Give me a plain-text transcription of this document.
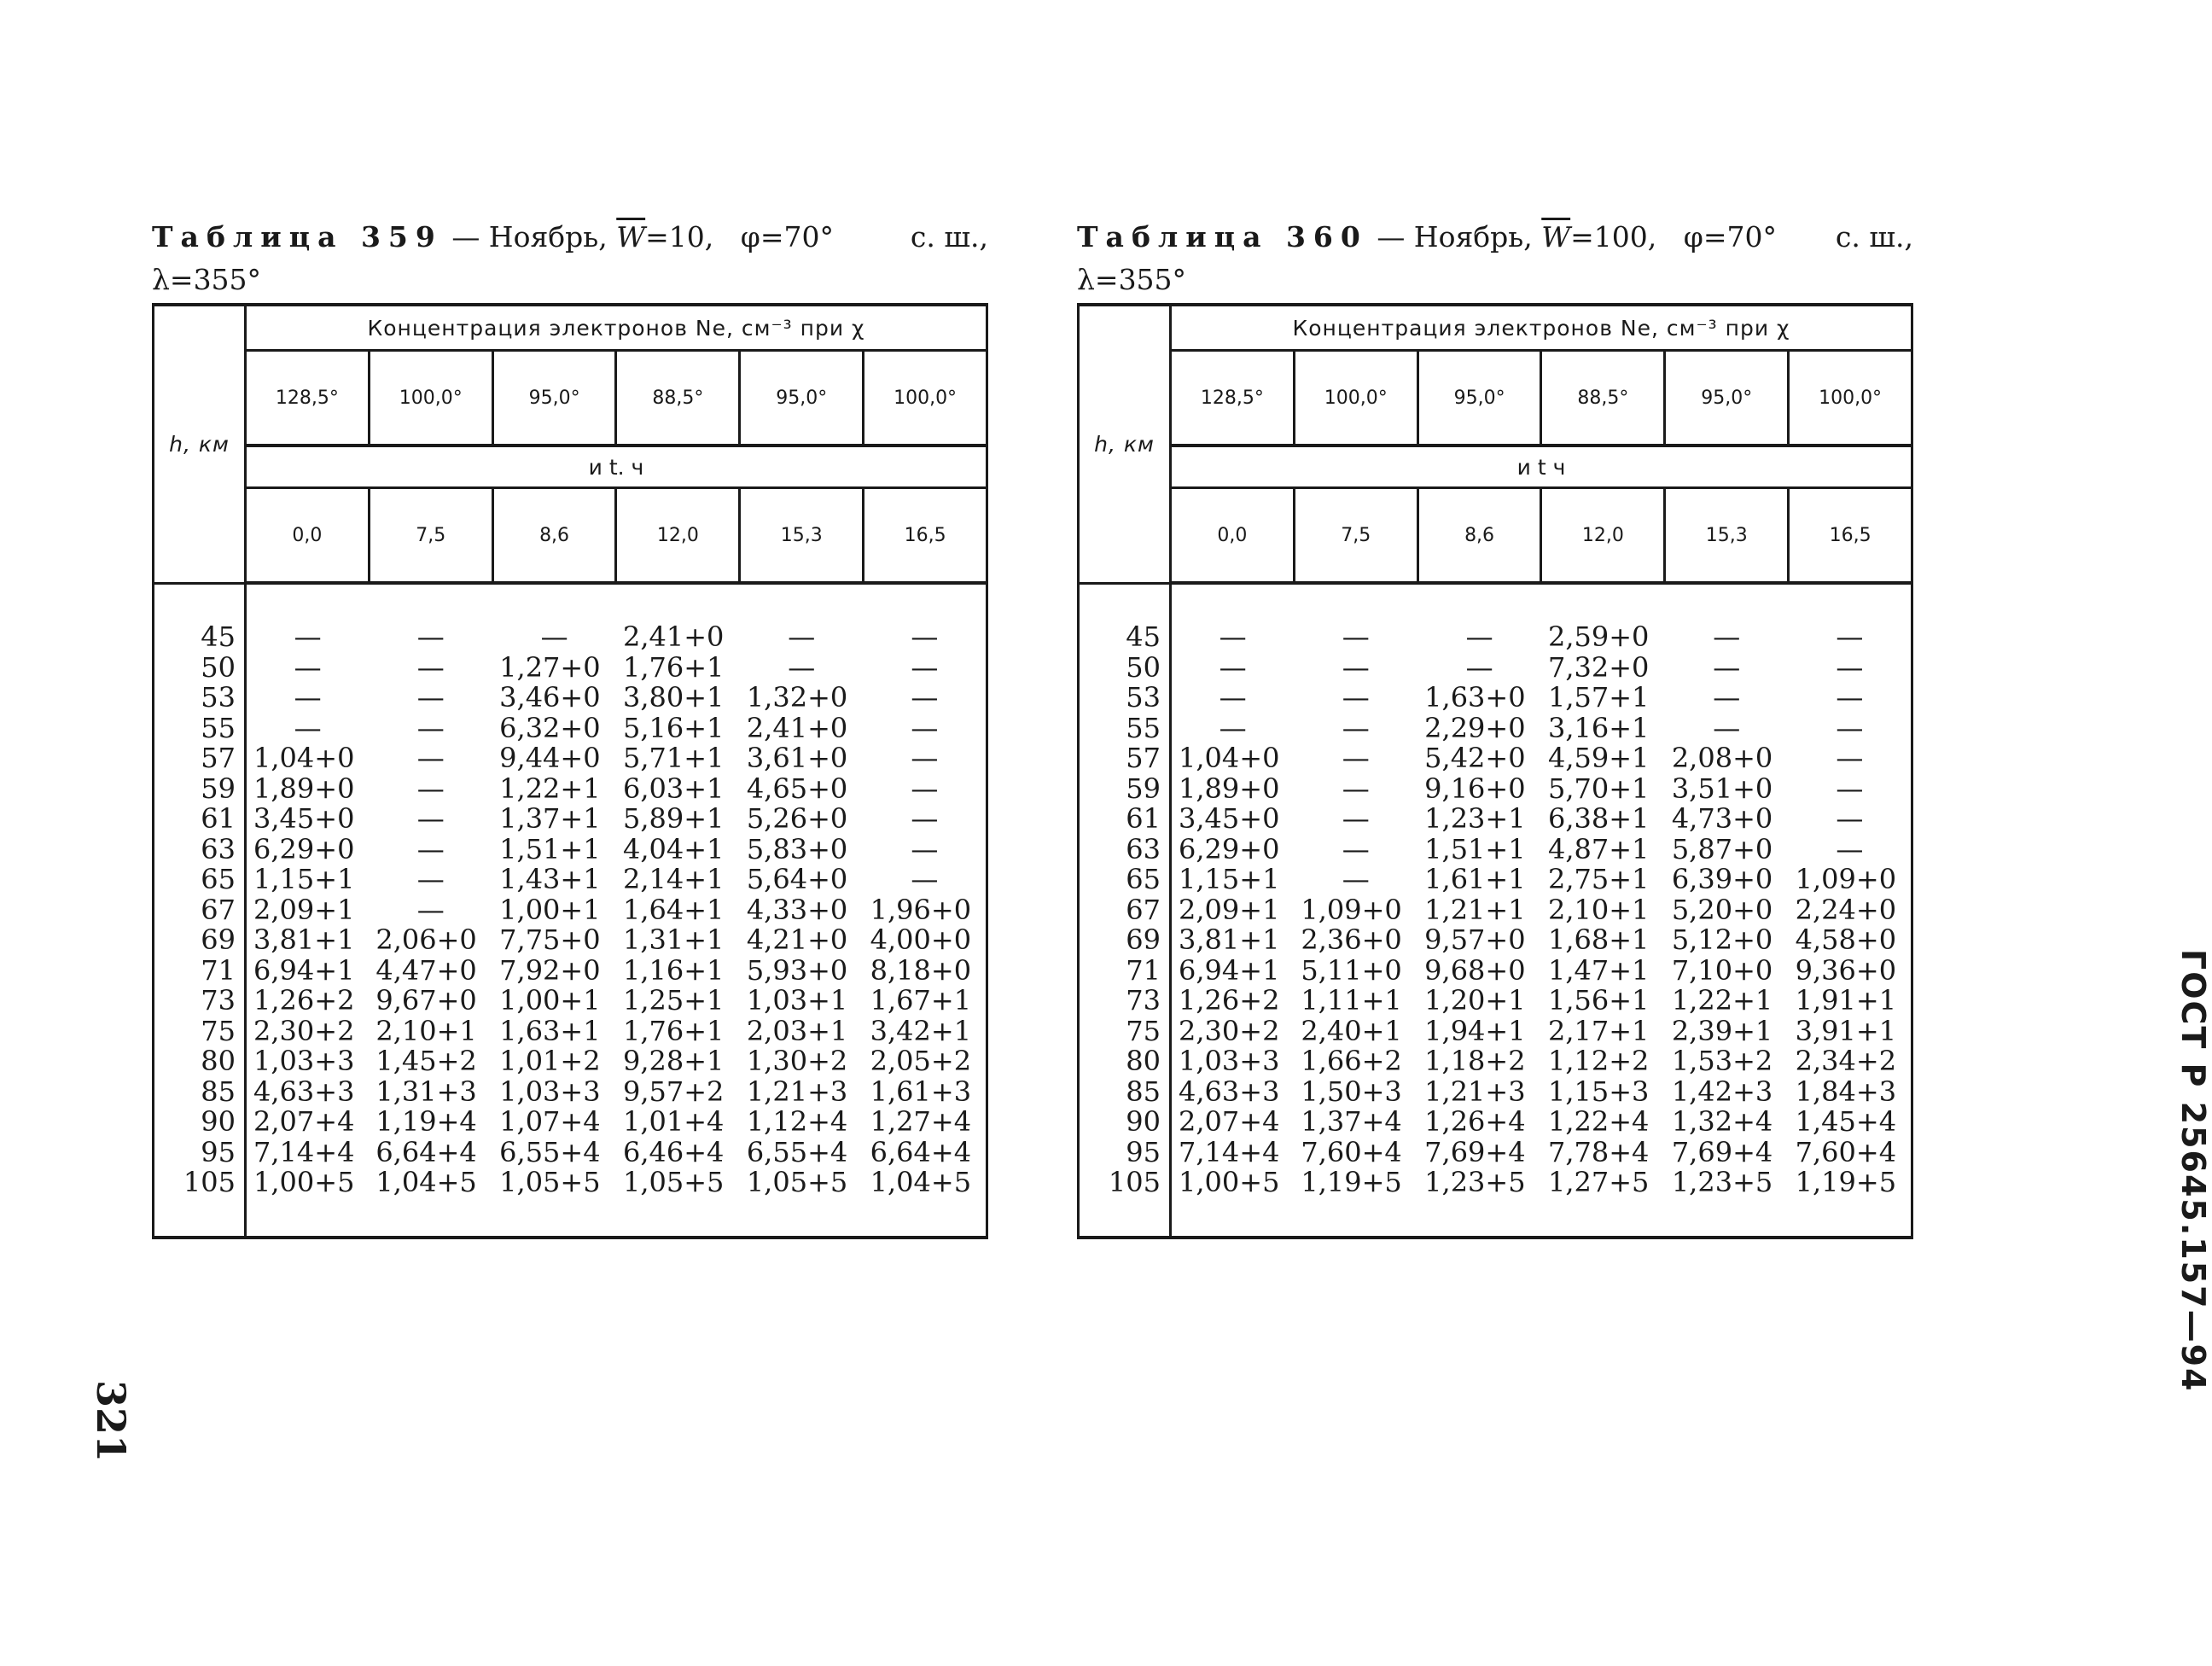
Таблица 359 — Ноябрь, $\overline{W}=10$, φ=70°	с. ш.,
λ=355°
h, км	Концентрация электронов Nе, см⁻³ при χ					
	128,5°	100,0°	95,0°	88,5°	95,0°	100,0°
	и t. ч					
	0,0	7,5	8,6	12,0	15,3	16,5

45	—	—	—	2,41+0	—	—
50	—	—	1,27+0	1,76+1	—	—
53	—	—	3,46+0	3,80+1	1,32+0	—
55	—	—	6,32+0	5,16+1	2,41+0	—
57	1,04+0	—	9,44+0	5,71+1	3,61+0	—
59	1,89+0	—	1,22+1	6,03+1	4,65+0	—
61	3,45+0	—	1,37+1	5,89+1	5,26+0	—
63	6,29+0	—	1,51+1	4,04+1	5,83+0	—
65	1,15+1	—	1,43+1	2,14+1	5,64+0	—
67	2,09+1	—	1,00+1	1,64+1	4,33+0	1,96+0
69	3,81+1	2,06+0	7,75+0	1,31+1	4,21+0	4,00+0
71	6,94+1	4,47+0	7,92+0	1,16+1	5,93+0	8,18+0
73	1,26+2	9,67+0	1,00+1	1,25+1	1,03+1	1,67+1
75	2,30+2	2,10+1	1,63+1	1,76+1	2,03+1	3,42+1
80	1,03+3	1,45+2	1,01+2	9,28+1	1,30+2	2,05+2
85	4,63+3	1,31+3	1,03+3	9,57+2	1,21+3	1,61+3
90	2,07+4	1,19+4	1,07+4	1,01+4	1,12+4	1,27+4
95	7,14+4	6,64+4	6,55+4	6,46+4	6,55+4	6,64+4
105	1,00+5	1,04+5	1,05+5	1,05+5	1,05+5	1,04+5

Таблица 360 — Ноябрь, $\overline{W}=100$, φ=70° с. ш.,
λ=355°
h, км	Концентрация электронов Nе, см⁻³ при χ					
	128,5°	100,0°	95,0°	88,5°	95,0°	100,0°
	и t ч					
	0,0	7,5	8,6	12,0	15,3	16,5

45	—	—	—	2,59+0	—	—
50	—	—	—	7,32+0	—	—
53	—	—	1,63+0	1,57+1	—	—
55	—	—	2,29+0	3,16+1	—	—
57	1,04+0	—	5,42+0	4,59+1	2,08+0	—
59	1,89+0	—	9,16+0	5,70+1	3,51+0	—
61	3,45+0	—	1,23+1	6,38+1	4,73+0	—
63	6,29+0	—	1,51+1	4,87+1	5,87+0	—
65	1,15+1	—	1,61+1	2,75+1	6,39+0	1,09+0
67	2,09+1	1,09+0	1,21+1	2,10+1	5,20+0	2,24+0
69	3,81+1	2,36+0	9,57+0	1,68+1	5,12+0	4,58+0
71	6,94+1	5,11+0	9,68+0	1,47+1	7,10+0	9,36+0
73	1,26+2	1,11+1	1,20+1	1,56+1	1,22+1	1,91+1
75	2,30+2	2,40+1	1,94+1	2,17+1	2,39+1	3,91+1
80	1,03+3	1,66+2	1,18+2	1,12+2	1,53+2	2,34+2
85	4,63+3	1,50+3	1,21+3	1,15+3	1,42+3	1,84+3
90	2,07+4	1,37+4	1,26+4	1,22+4	1,32+4	1,45+4
95	7,14+4	7,60+4	7,69+4	7,78+4	7,69+4	7,60+4
105	1,00+5	1,19+5	1,23+5	1,27+5	1,23+5	1,19+5

321
ГОСТ Р 25645.157—94
